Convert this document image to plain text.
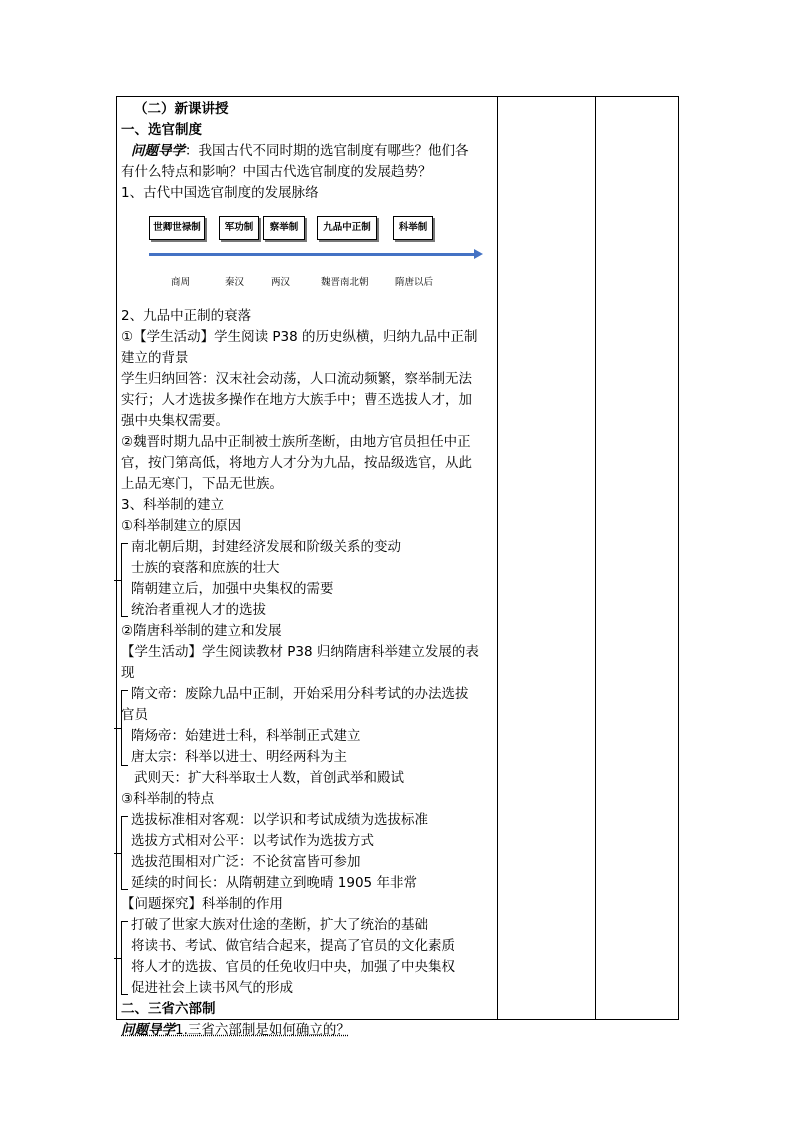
（二）新课讲授
一、选官制度
问题导学：我国古代不同时期的选官制度有哪些？他们各
有什么特点和影响？中国古代选官制度的发展趋势？
1、古代中国选官制度的发展脉络
世卿世禄制	军功制	察举制	九品中正制	科举制
商周	秦汉	两汉	魏晋南北朝	隋唐以后
2、九品中正制的衰落
①【学生活动】学生阅读 P38 的历史纵横，归纳九品中正制
建立的背景
学生归纳回答：汉末社会动荡，人口流动频繁，察举制无法
实行；人才选拔多操作在地方大族手中；曹丕选拔人才，加
强中央集权需要。
②魏晋时期九品中正制被士族所垄断，由地方官员担任中正
官，按门第高低，将地方人才分为九品，按品级选官，从此
上品无寒门，下品无世族。
3、科举制的建立
①科举制建立的原因
南北朝后期，封建经济发展和阶级关系的变动
士族的衰落和庶族的壮大
隋朝建立后，加强中央集权的需要
统治者重视人才的选拔
②隋唐科举制的建立和发展
【学生活动】学生阅读教材 P38 归纳隋唐科举建立发展的表
现
隋文帝：废除九品中正制，开始采用分科考试的办法选拔
官员
隋炀帝：始建进士科，科举制正式建立
唐太宗：科举以进士、明经两科为主
武则天：扩大科举取士人数，首创武举和殿试
③科举制的特点
选拔标准相对客观：以学识和考试成绩为选拔标准
选拔方式相对公平：以考试作为选拔方式
选拔范围相对广泛：不论贫富皆可参加
延续的时间长：从隋朝建立到晚晴 1905 年非常
【问题探究】科举制的作用
打破了世家大族对仕途的垄断，扩大了统治的基础
将读书、考试、做官结合起来，提高了官员的文化素质
将人才的选拔、官员的任免收归中央，加强了中央集权
促进社会上读书风气的形成
二、三省六部制
问题导学1.三省六部制是如何确立的？
